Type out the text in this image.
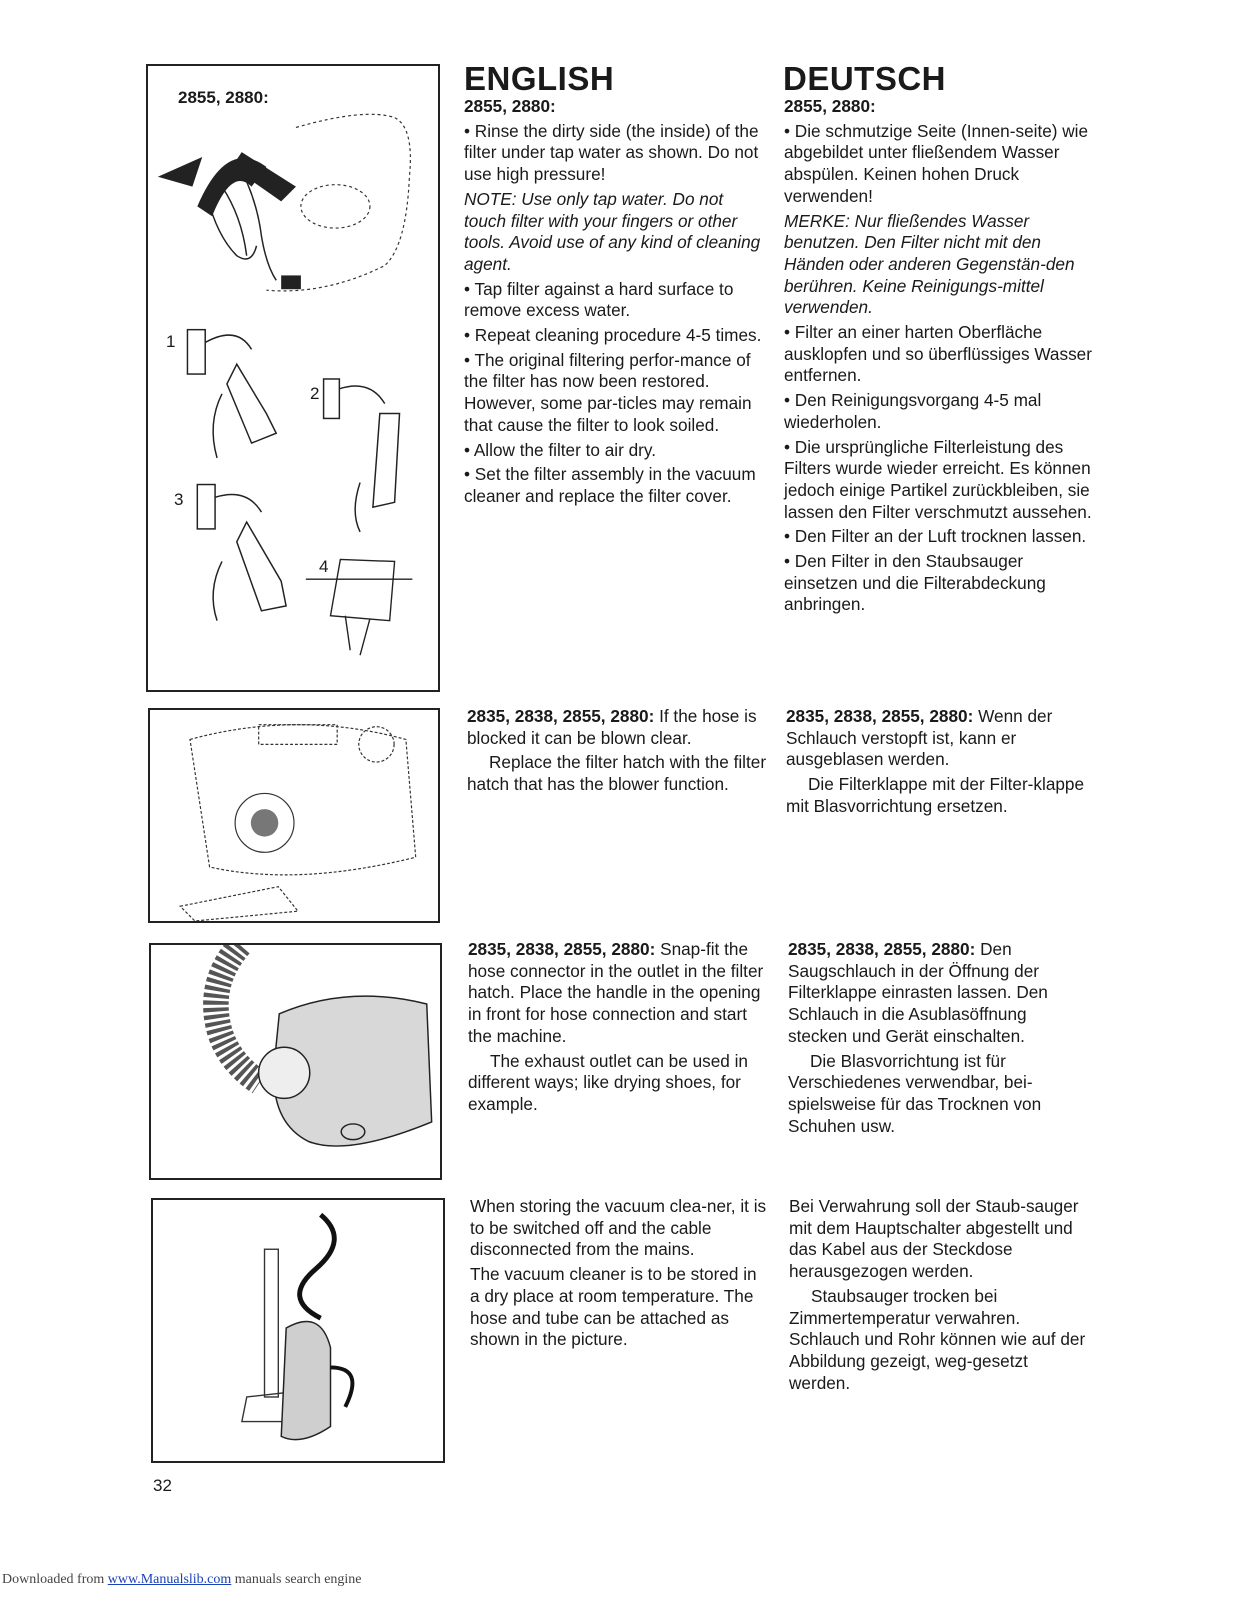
2855, 2880:
1
2
3
4
ENGLISH	DEUTSCH

2855, 2880:

• Rinse the dirty side (the inside) of the filter under tap water as shown. Do not use high pressure!

NOTE: Use only tap water. Do not touch filter with your fingers or other tools. Avoid use of any kind of cleaning agent.

• Tap filter against a hard surface to remove excess water.

• Repeat cleaning procedure 4-5 times.

• The original filtering perfor-mance of the filter has now been restored. However, some par-ticles may remain that cause the filter to look soiled.

• Allow the filter to air dry.

• Set the filter assembly in the vacuum cleaner and replace the filter cover.

2855, 2880:

• Die schmutzige Seite (Innen-seite) wie abgebildet unter fließendem Wasser abspülen. Keinen hohen Druck verwenden!

MERKE: Nur fließendes Wasser benutzen. Den Filter nicht mit den Händen oder anderen Gegenstän-den berühren. Keine Reinigungs-mittel verwenden.

• Filter an einer harten Oberfläche ausklopfen und so überflüssiges Wasser entfernen.

• Den Reinigungsvorgang 4-5 mal wiederholen.

• Die ursprüngliche Filterleistung des Filters wurde wieder erreicht. Es können jedoch einige Partikel zurückbleiben, sie lassen den Filter verschmutzt aussehen.

• Den Filter an der Luft trocknen lassen.

• Den Filter in den Staubsauger einsetzen und die Filterabdeckung anbringen.

2835, 2838, 2855, 2880: If the hose is blocked it can be blown clear.

Replace the filter hatch with the filter hatch that has the blower function.

2835, 2838, 2855, 2880: Wenn der Schlauch verstopft ist, kann er ausgeblasen werden.

Die Filterklappe mit der Filter-klappe mit Blasvorrichtung ersetzen.

2835, 2838, 2855, 2880: Snap-fit the hose connector in the outlet in the filter hatch. Place the handle in the opening in front for hose connection and start the machine.

The exhaust outlet can be used in different ways; like drying shoes, for example.

2835, 2838, 2855, 2880: Den Saugschlauch in der Öffnung der Filterklappe einrasten lassen. Den Schlauch in die Asublasöffnung stecken und Gerät einschalten.

Die Blasvorrichtung ist für Verschiedenes verwendbar, bei-spielsweise für das Trocknen von Schuhen usw.

When storing the vacuum clea-ner, it is to be switched off and the cable disconnected from the mains.

The vacuum cleaner is to be stored in a dry place at room temperature. The hose and tube can be attached as shown in the picture.

Bei Verwahrung soll der Staub-sauger mit dem Hauptschalter abgestellt und das Kabel aus der Steckdose herausgezogen werden.

Staubsauger trocken bei Zimmertemperatur verwahren. Schlauch und Rohr können wie auf der Abbildung gezeigt, weg-gesetzt werden.

32
Downloaded from www.Manualslib.com manuals search engine
